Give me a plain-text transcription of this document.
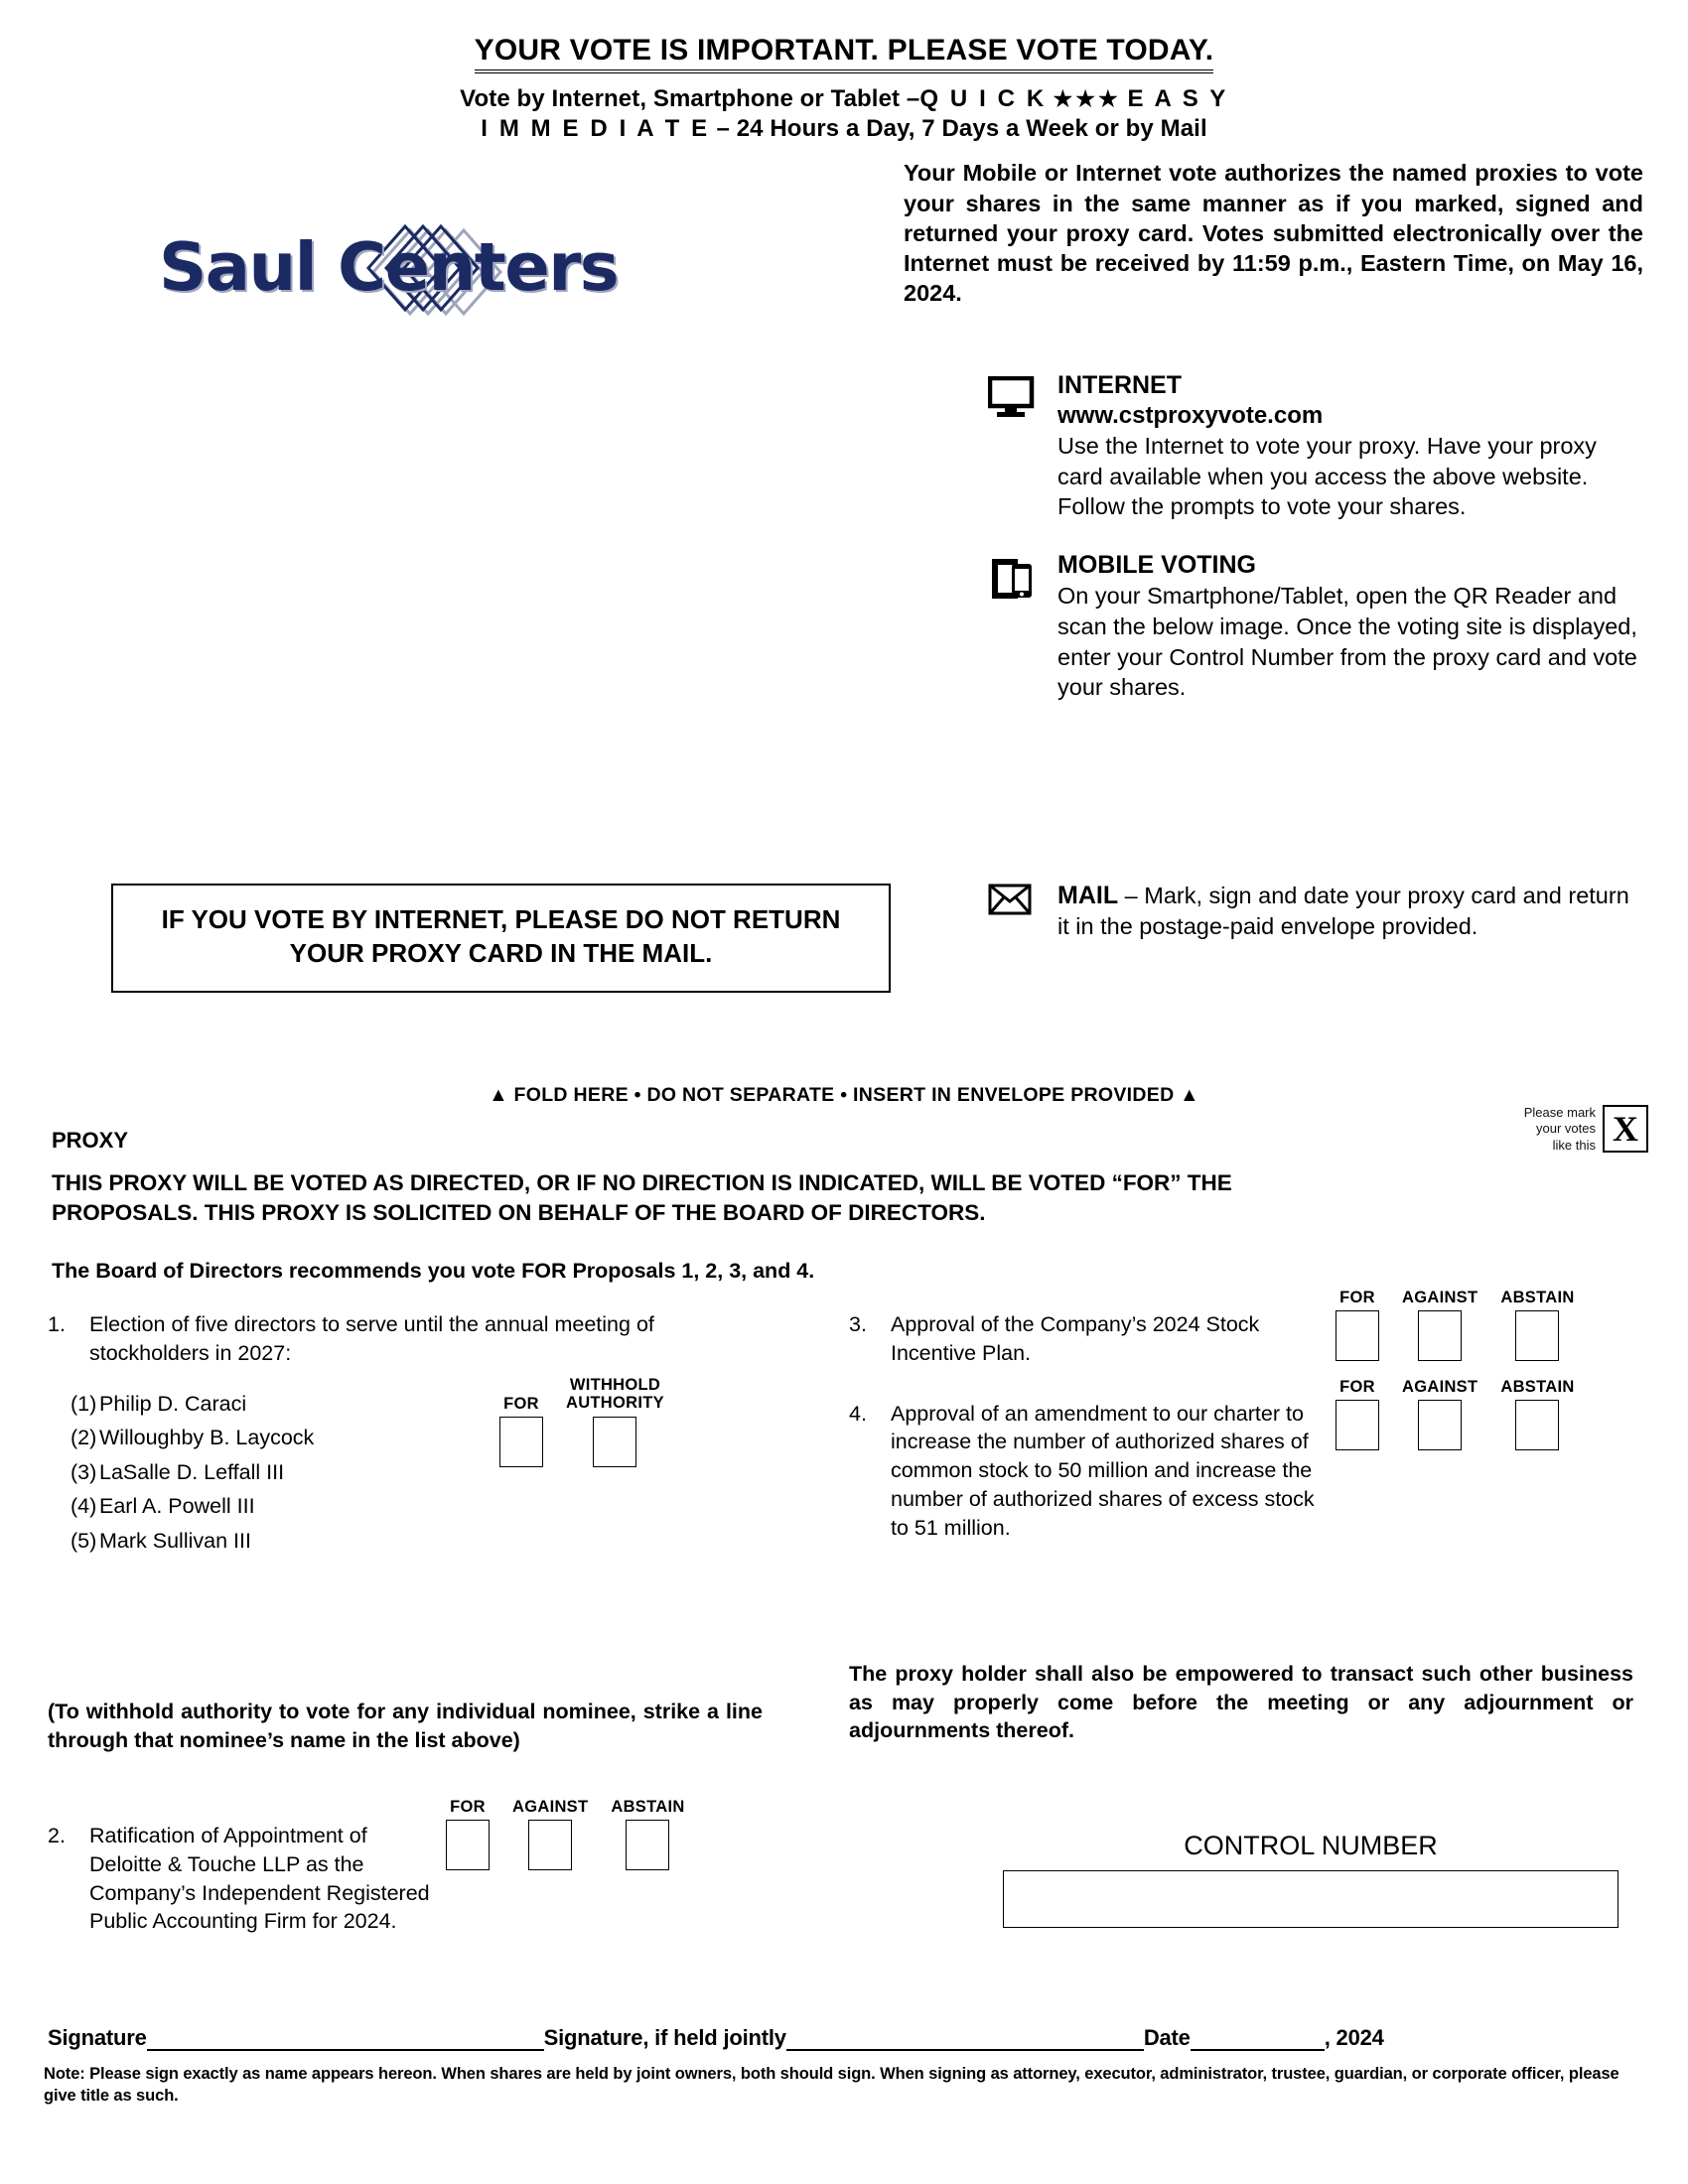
YOUR VOTE IS IMPORTANT. PLEASE VOTE TODAY.
Vote by Internet, Smartphone or Tablet –Q U I C K ★★★ E A S Y
I M M E D I A T E – 24 Hours a Day, 7 Days a Week or by Mail
Saul Centers
Your Mobile or Internet vote authorizes the named proxies to vote your shares in the same manner as if you marked, signed and returned your proxy card. Votes submitted electronically over the Internet must be received by 11:59 p.m., Eastern Time, on May 16, 2024.
INTERNET
www.cstproxyvote.com
Use the Internet to vote your proxy. Have your proxy card available when you access the above website. Follow the prompts to vote your shares.
MOBILE VOTING
On your Smartphone/Tablet, open the QR Reader and scan the below image. Once the voting site is displayed, enter your Control Number from the proxy card and vote your shares.
MAIL – Mark, sign and date your proxy card and return it in the postage-paid envelope provided.
IF YOU VOTE BY INTERNET, PLEASE DO NOT RETURN YOUR PROXY CARD IN THE MAIL.
▲ FOLD HERE • DO NOT SEPARATE • INSERT IN ENVELOPE PROVIDED ▲
Please mark
your votes
like this X
PROXY
THIS PROXY WILL BE VOTED AS DIRECTED, OR IF NO DIRECTION IS INDICATED, WILL BE VOTED “FOR” THE PROPOSALS. THIS PROXY IS SOLICITED ON BEHALF OF THE BOARD OF DIRECTORS.
The Board of Directors recommends you vote FOR Proposals 1, 2, 3, and 4.
1.	Election of five directors to serve until the annual meeting of stockholders in 2027:
(1) Philip D. Caraci
(2) Willoughby B. Laycock
(3) LaSalle D. Leffall III
(4) Earl A. Powell III
(5) Mark Sullivan III
FOR
WITHHOLD
AUTHORITY
(To withhold authority to vote for any individual nominee, strike a line through that nominee’s name in the list above)
2.	Ratification of Appointment of Deloitte & Touche LLP as the Company’s Independent Registered Public Accounting Firm for 2024.
FOR AGAINST ABSTAIN
3.	Approval of the Company’s 2024 Stock Incentive Plan.
FOR AGAINST ABSTAIN
4.	Approval of an amendment to our charter to increase the number of authorized shares of common stock to 50 million and increase the number of authorized shares of excess stock to 51 million.
FOR AGAINST ABSTAIN
The proxy holder shall also be empowered to transact such other business as may properly come before the meeting or any adjournment or adjournments thereof.
CONTROL NUMBER
Signature	Signature, if held jointly	Date	, 2024
Note: Please sign exactly as name appears hereon. When shares are held by joint owners, both should sign. When signing as attorney, executor, administrator, trustee, guardian, or corporate officer, please give title as such.
